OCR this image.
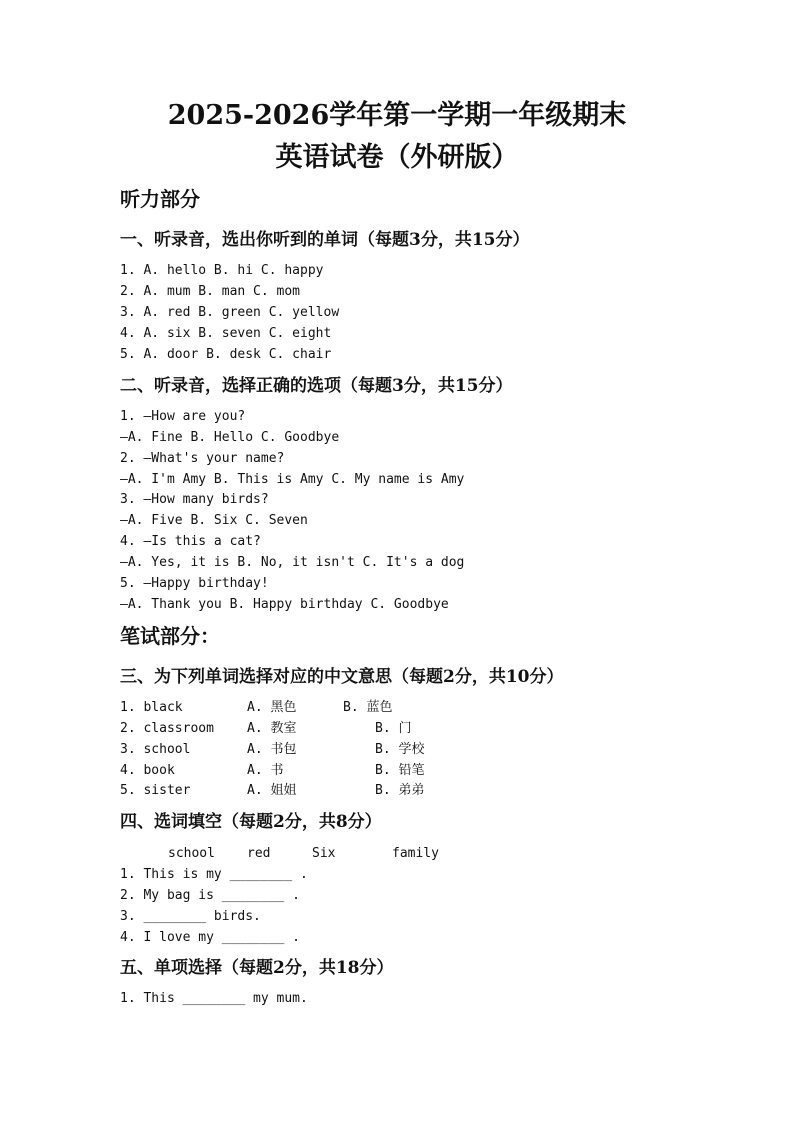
2025-2026学年第一学期一年级期末
英语试卷（外研版）
听力部分
一、听录音，选出你听到的单词（每题3分，共15分）
1. A. hello B. hi C. happy
2. A. mum B. man C. mom
3. A. red B. green C. yellow
4. A. six B. seven C. eight
5. A. door B. desk C. chair
二、听录音，选择正确的选项（每题3分，共15分）
1. —How are you?
—A. Fine B. Hello C. Goodbye
2. —What's your name?
—A. I'm Amy B. This is Amy C. My name is Amy
3. —How many birds?
—A. Five B. Six C. Seven
4. —Is this a cat?
—A. Yes, it is B. No, it isn't C. It's a dog
5. —Happy birthday!
—A. Thank you B. Happy birthday C. Goodbye
笔试部分：
三、为下列单词选择对应的中文意思（每题2分，共10分）
1. black	A. 黑色	B. 蓝色
2. classroom	A. 教室	B. 门
3. school	A. 书包	B. 学校
4. book	A. 书	B. 铅笔
5. sister	A. 姐姐	B. 弟弟
四、选词填空（每题2分，共8分）
school red	Six	family
1. This is my ________ .
2. My bag is ________ .
3. ________ birds.
4. I love my ________ .
五、单项选择（每题2分，共18分）
1. This ________ my mum.
